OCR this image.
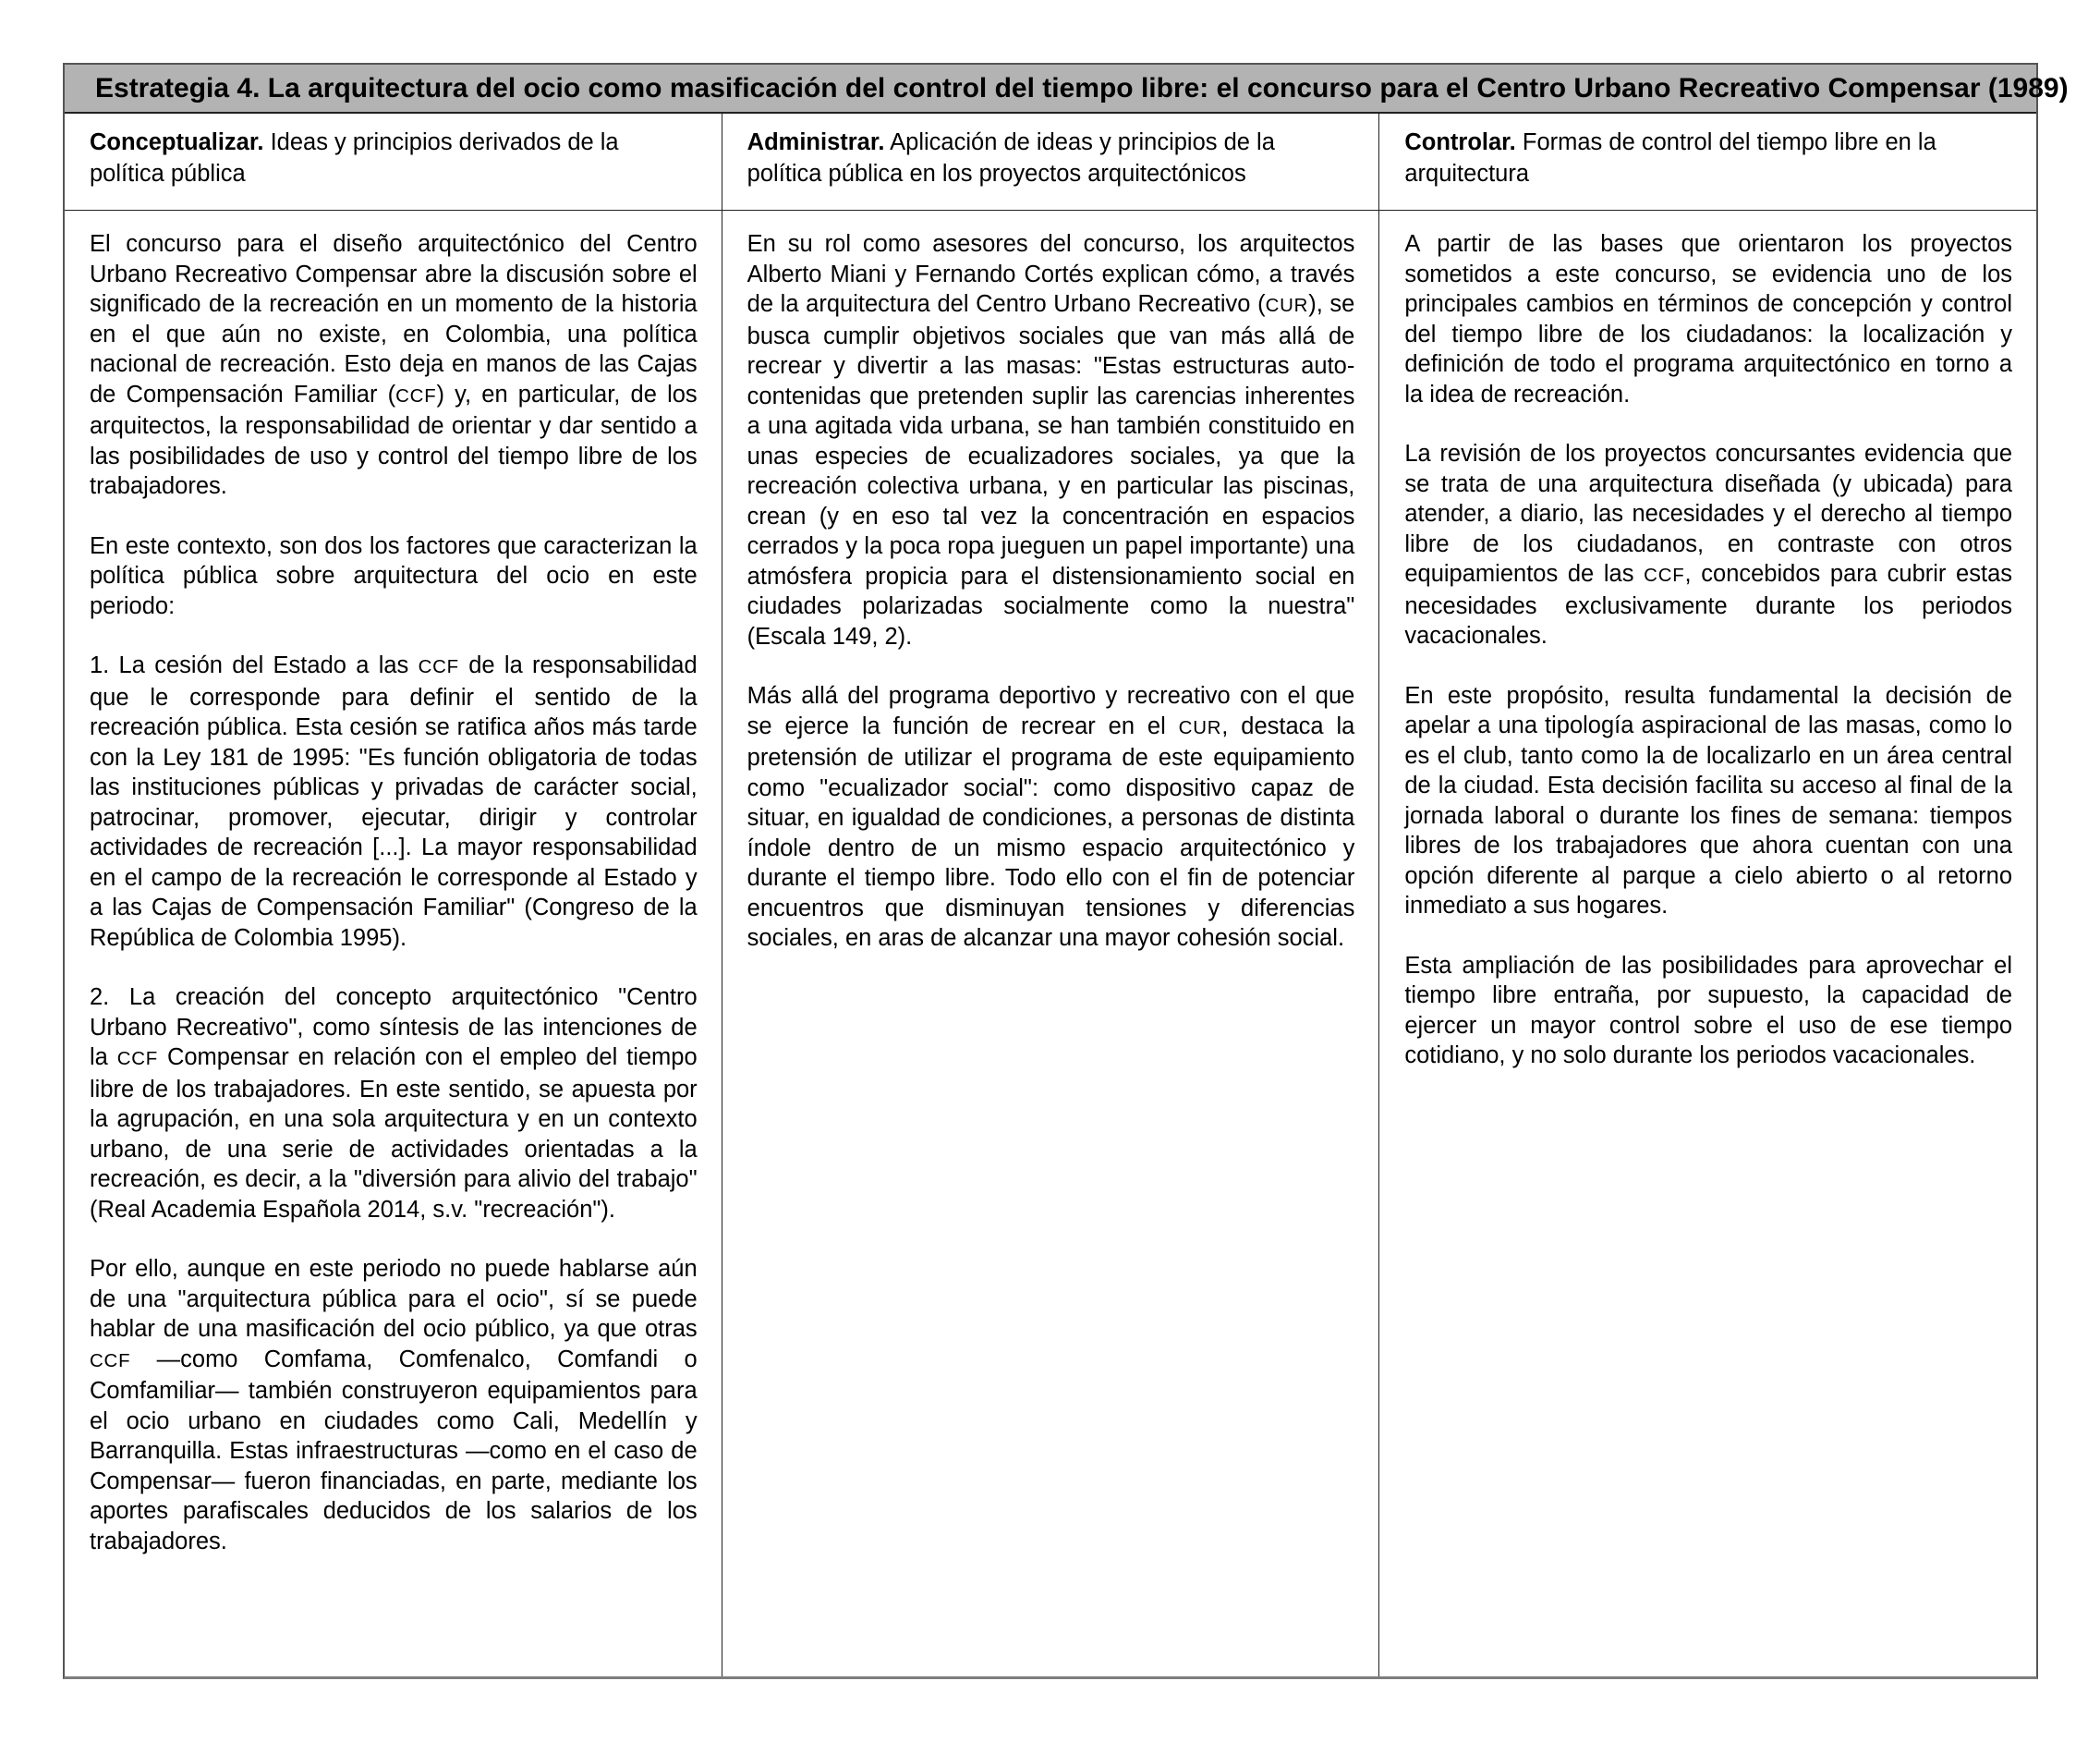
Estrategia 4. La arquitectura del ocio como masificación del control del tiempo libre: el concurso para el Centro Urbano Recreativo Compensar (1989)
Conceptualizar. Ideas y principios derivados de la política pública
Administrar. Aplicación de ideas y principios de la política pública en los proyectos arquitectónicos
Controlar. Formas de control del tiempo libre en la arquitectura

El concurso para el diseño arquitectónico del Centro Urbano Recreativo Compensar abre la discusión sobre el significado de la recreación en un momento de la historia en el que aún no existe, en Colombia, una política nacional de recreación. Esto deja en manos de las Cajas de Compensación Familiar (CCF) y, en particular, de los arquitectos, la responsabilidad de orientar y dar sentido a las posibilidades de uso y control del tiempo libre de los trabajadores.

En este contexto, son dos los factores que caracterizan la política pública sobre arquitectura del ocio en este periodo:

1. La cesión del Estado a las CCF de la responsabilidad que le corresponde para definir el sentido de la recreación pública. Esta cesión se ratifica años más tarde con la Ley 181 de 1995: "Es función obligatoria de todas las instituciones públicas y privadas de carácter social, patrocinar, promover, ejecutar, dirigir y controlar actividades de recreación [...]. La mayor responsabilidad en el campo de la recreación le corresponde al Estado y a las Cajas de Compensación Familiar" (Congreso de la República de Colombia 1995).

2. La creación del concepto arquitectónico "Centro Urbano Recreativo", como síntesis de las intenciones de la CCF Compensar en relación con el empleo del tiempo libre de los trabajadores. En este sentido, se apuesta por la agrupación, en una sola arquitectura y en un contexto urbano, de una serie de actividades orientadas a la recreación, es decir, a la "diversión para alivio del trabajo" (Real Academia Española 2014, s.v. "recreación").

Por ello, aunque en este periodo no puede hablarse aún de una "arquitectura pública para el ocio", sí se puede hablar de una masificación del ocio público, ya que otras CCF —como Comfama, Comfenalco, Comfandi o Comfamiliar— también construyeron equipamientos para el ocio urbano en ciudades como Cali, Medellín y Barranquilla. Estas infraestructuras —como en el caso de Compensar— fueron financiadas, en parte, mediante los aportes parafiscales deducidos de los salarios de los trabajadores.

En su rol como asesores del concurso, los arquitectos Alberto Miani y Fernando Cortés explican cómo, a través de la arquitectura del Centro Urbano Recreativo (CUR), se busca cumplir objetivos sociales que van más allá de recrear y divertir a las masas: "Estas estructuras auto-contenidas que pretenden suplir las carencias inherentes a una agitada vida urbana, se han también constituido en unas especies de ecualizadores sociales, ya que la recreación colectiva urbana, y en particular las piscinas, crean (y en eso tal vez la concentración en espacios cerrados y la poca ropa jueguen un papel importante) una atmósfera propicia para el distensionamiento social en ciudades polarizadas socialmente como la nuestra" (Escala 149, 2).

Más allá del programa deportivo y recreativo con el que se ejerce la función de recrear en el CUR, destaca la pretensión de utilizar el programa de este equipamiento como "ecualizador social": como dispositivo capaz de situar, en igualdad de condiciones, a personas de distinta índole dentro de un mismo espacio arquitectónico y durante el tiempo libre. Todo ello con el fin de potenciar encuentros que disminuyan tensiones y diferencias sociales, en aras de alcanzar una mayor cohesión social.

A partir de las bases que orientaron los proyectos sometidos a este concurso, se evidencia uno de los principales cambios en términos de concepción y control del tiempo libre de los ciudadanos: la localización y definición de todo el programa arquitectónico en torno a la idea de recreación.

La revisión de los proyectos concursantes evidencia que se trata de una arquitectura diseñada (y ubicada) para atender, a diario, las necesidades y el derecho al tiempo libre de los ciudadanos, en contraste con otros equipamientos de las CCF, concebidos para cubrir estas necesidades exclusivamente durante los periodos vacacionales.

En este propósito, resulta fundamental la decisión de apelar a una tipología aspiracional de las masas, como lo es el club, tanto como la de localizarlo en un área central de la ciudad. Esta decisión facilita su acceso al final de la jornada laboral o durante los fines de semana: tiempos libres de los trabajadores que ahora cuentan con una opción diferente al parque a cielo abierto o al retorno inmediato a sus hogares.

Esta ampliación de las posibilidades para aprovechar el tiempo libre entraña, por supuesto, la capacidad de ejercer un mayor control sobre el uso de ese tiempo cotidiano, y no solo durante los periodos vacacionales.
